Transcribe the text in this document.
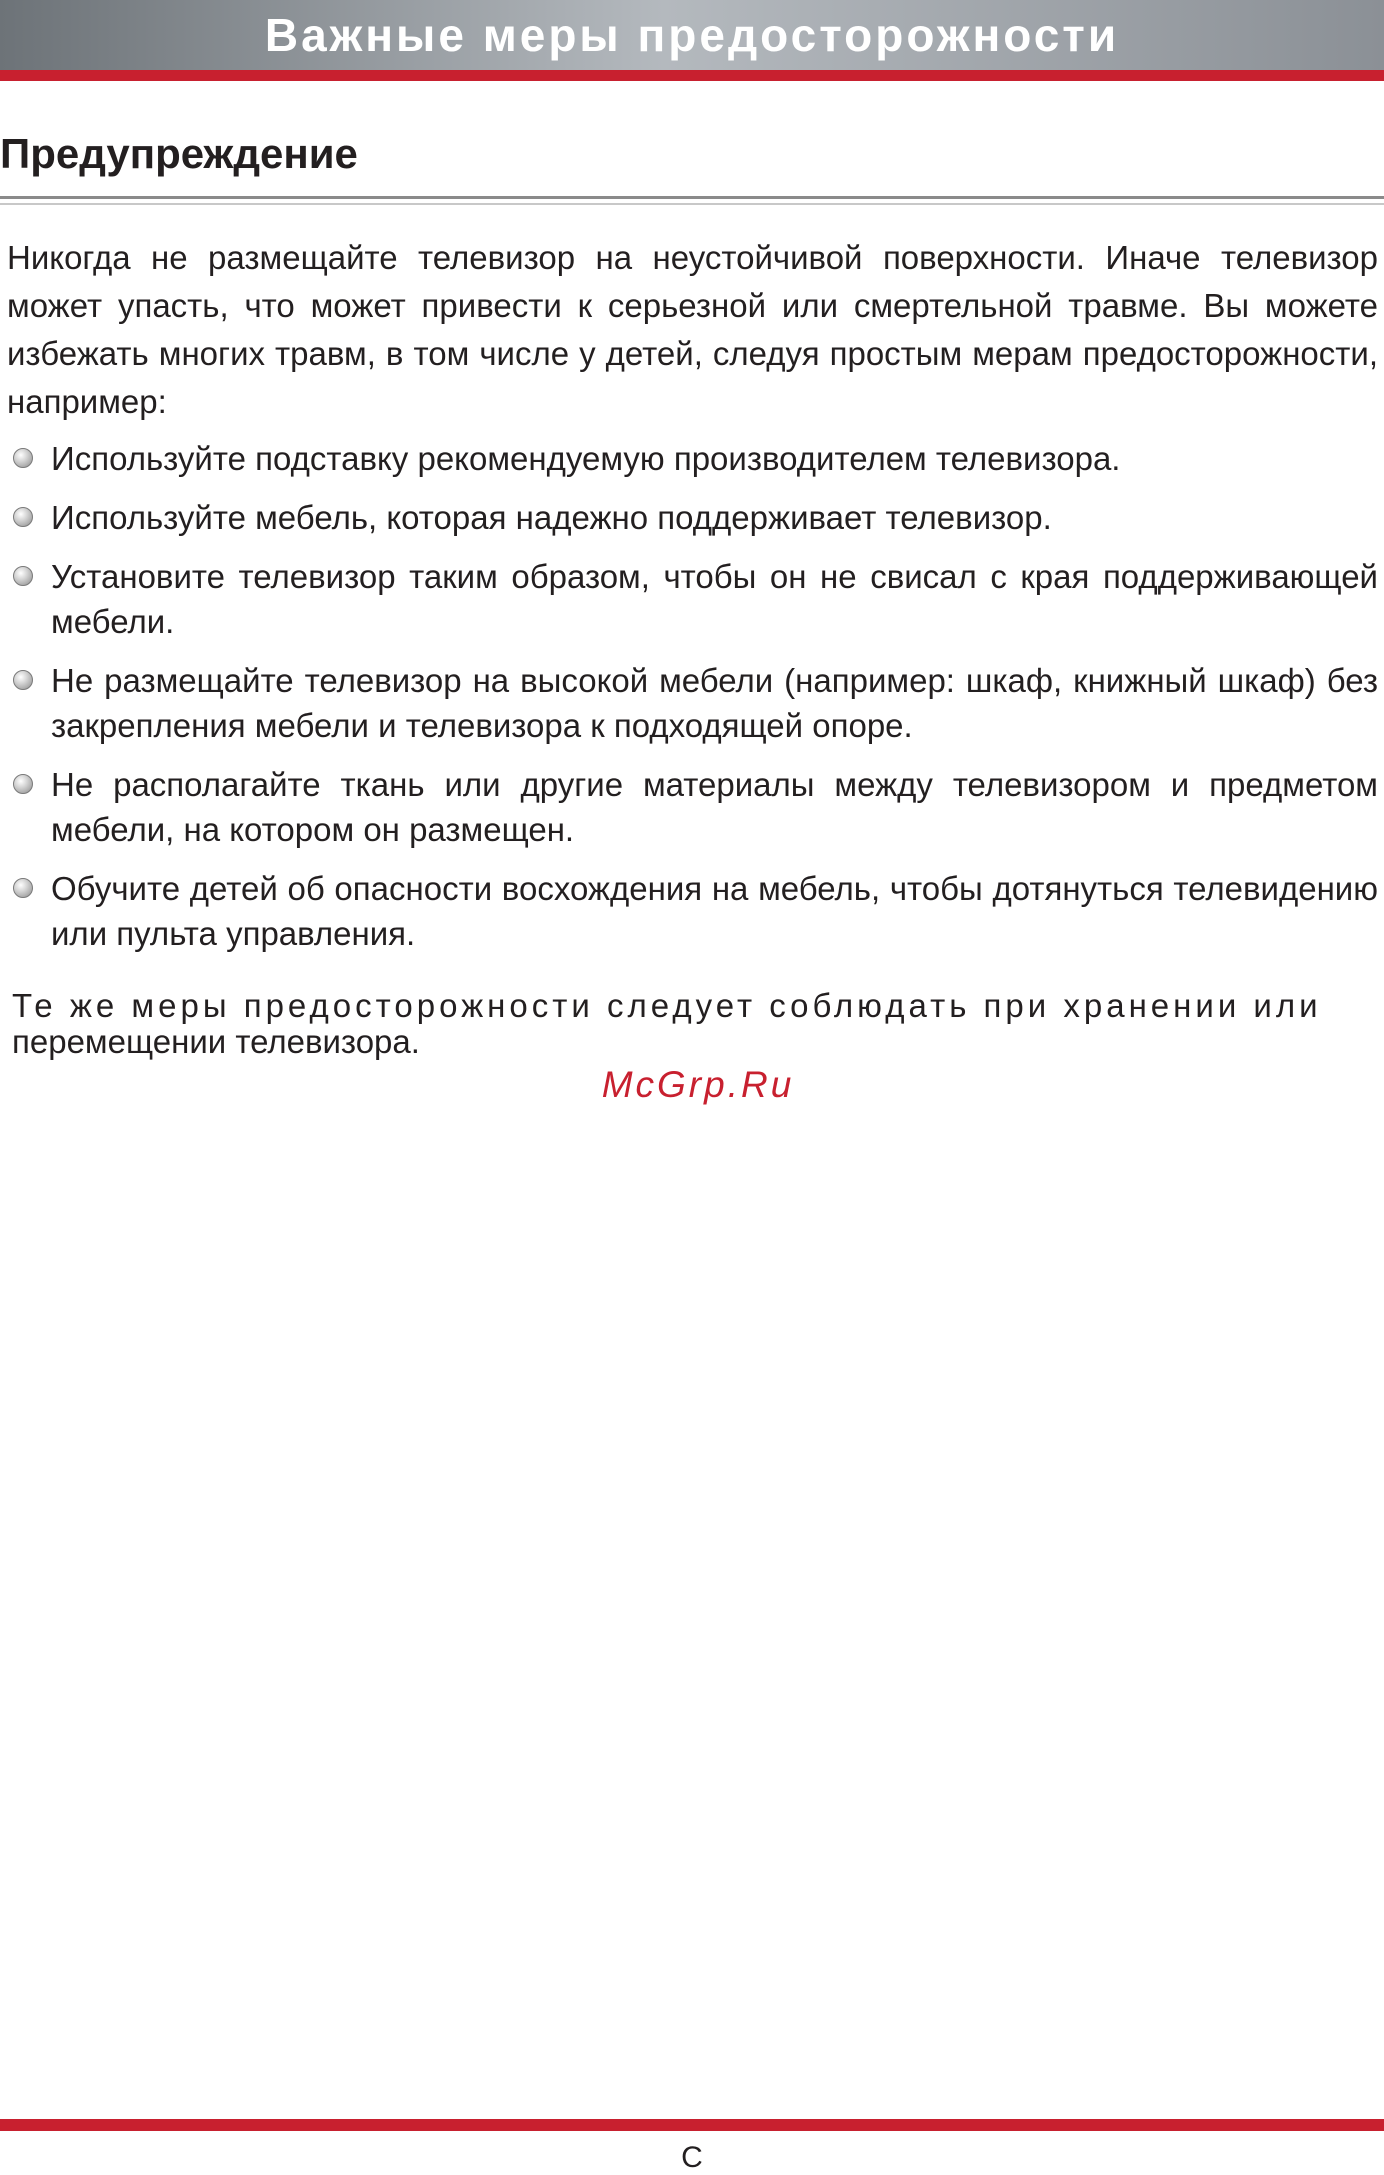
Важные меры предосторожности
Предупреждение

Никогда не размещайте телевизор на неустойчивой поверхности. Иначе телевизор может упасть, что может привести к серьезной или смертельной травме. Вы можете избежать многих травм, в том числе у детей, следуя простым мерам предосторожности, например:

Используйте подставку рекомендуемую производителем телевизора.
Используйте мебель, которая надежно поддерживает телевизор.
Установите телевизор таким образом, чтобы он не свисал с края поддерживающей мебели.
Не размещайте телевизор на высокой мебели (например: шкаф, книжный шкаф) без закрепления мебели и телевизора к подходящей опоре.
Не располагайте ткань или другие материалы между телевизором и предметом мебели, на котором он размещен.
Обучите детей об опасности восхождения на мебель, чтобы дотянуться телевидению или пульта управления.
Те же меры предосторожности следует соблюдать при хранении или
перемещении телевизора.
McGrp.Ru
C
